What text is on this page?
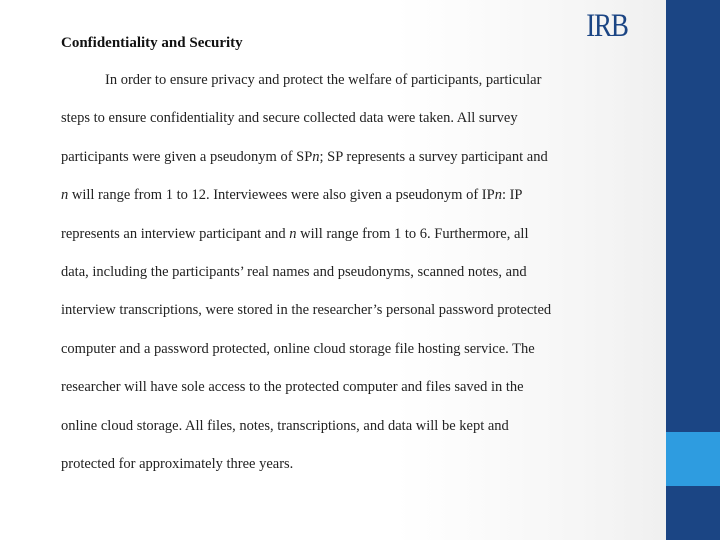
IRB
Confidentiality and Security
In order to ensure privacy and protect the welfare of participants, particular
steps to ensure confidentiality and secure collected data were taken. All survey
participants were given a pseudonym of SPn; SP represents a survey participant and
n will range from 1 to 12. Interviewees were also given a pseudonym of IPn: IP
represents an interview participant and n will range from 1 to 6. Furthermore, all
data, including the participants’ real names and pseudonyms, scanned notes, and
interview transcriptions, were stored in the researcher’s personal password protected
computer and a password protected, online cloud storage file hosting service. The
researcher will have sole access to the protected computer and files saved in the
online cloud storage. All files, notes, transcriptions, and data will be kept and
protected for approximately three years.
